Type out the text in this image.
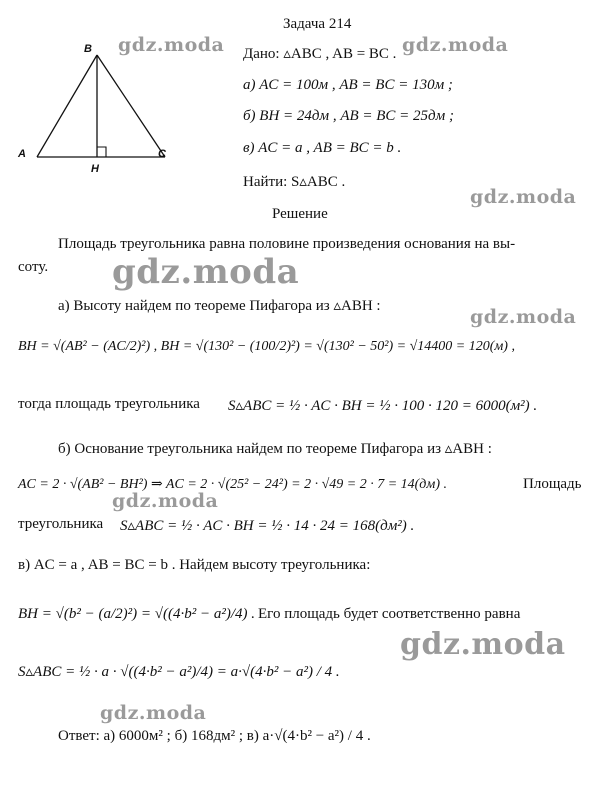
B
A	C
H
Задача 214
Дано: ▵ABC , AB = BC .
а) AC = 100м , AB = BC = 130м ;
б) BH = 24дм , AB = BC = 25дм ;
в) AC = a , AB = BC = b .
Найти: S▵ABC .
Решение
Площадь треугольника равна половине произведения основания на вы-
соту.
а) Высоту найдем по теореме Пифагора из ▵ABH :
BH = √(AB² − (AC/2)²) , BH = √(130² − (100/2)²) = √(130² − 50²) = √14400 = 120(м) ,
тогда площадь треугольника S▵ABC = ½ · AC · BH = ½ · 100 · 120 = 6000(м²) .
б) Основание треугольника найдем по теореме Пифагора из ▵ABH :
AC = 2 · √(AB² − BH²) ⇒ AC = 2 · √(25² − 24²) = 2 · √49 = 2 · 7 = 14(дм) .	Площадь
треугольника S▵ABC = ½ · AC · BH = ½ · 14 · 24 = 168(дм²) .
в) AC = a , AB = BC = b . Найдем высоту треугольника:
BH = √(b² − (a/2)²) = √((4·b² − a²)/4) . Его площадь будет соответственно равна
S▵ABC = ½ · a · √((4·b² − a²)/4) = a·√(4·b² − a²) / 4 .
Ответ: а) 6000м² ; б) 168дм² ; в) a·√(4·b² − a²) / 4 .
gdz.moda	gdz.moda
gdz.moda
gdz.moda
gdz.moda
gdz.moda
gdz.moda
gdz.moda
